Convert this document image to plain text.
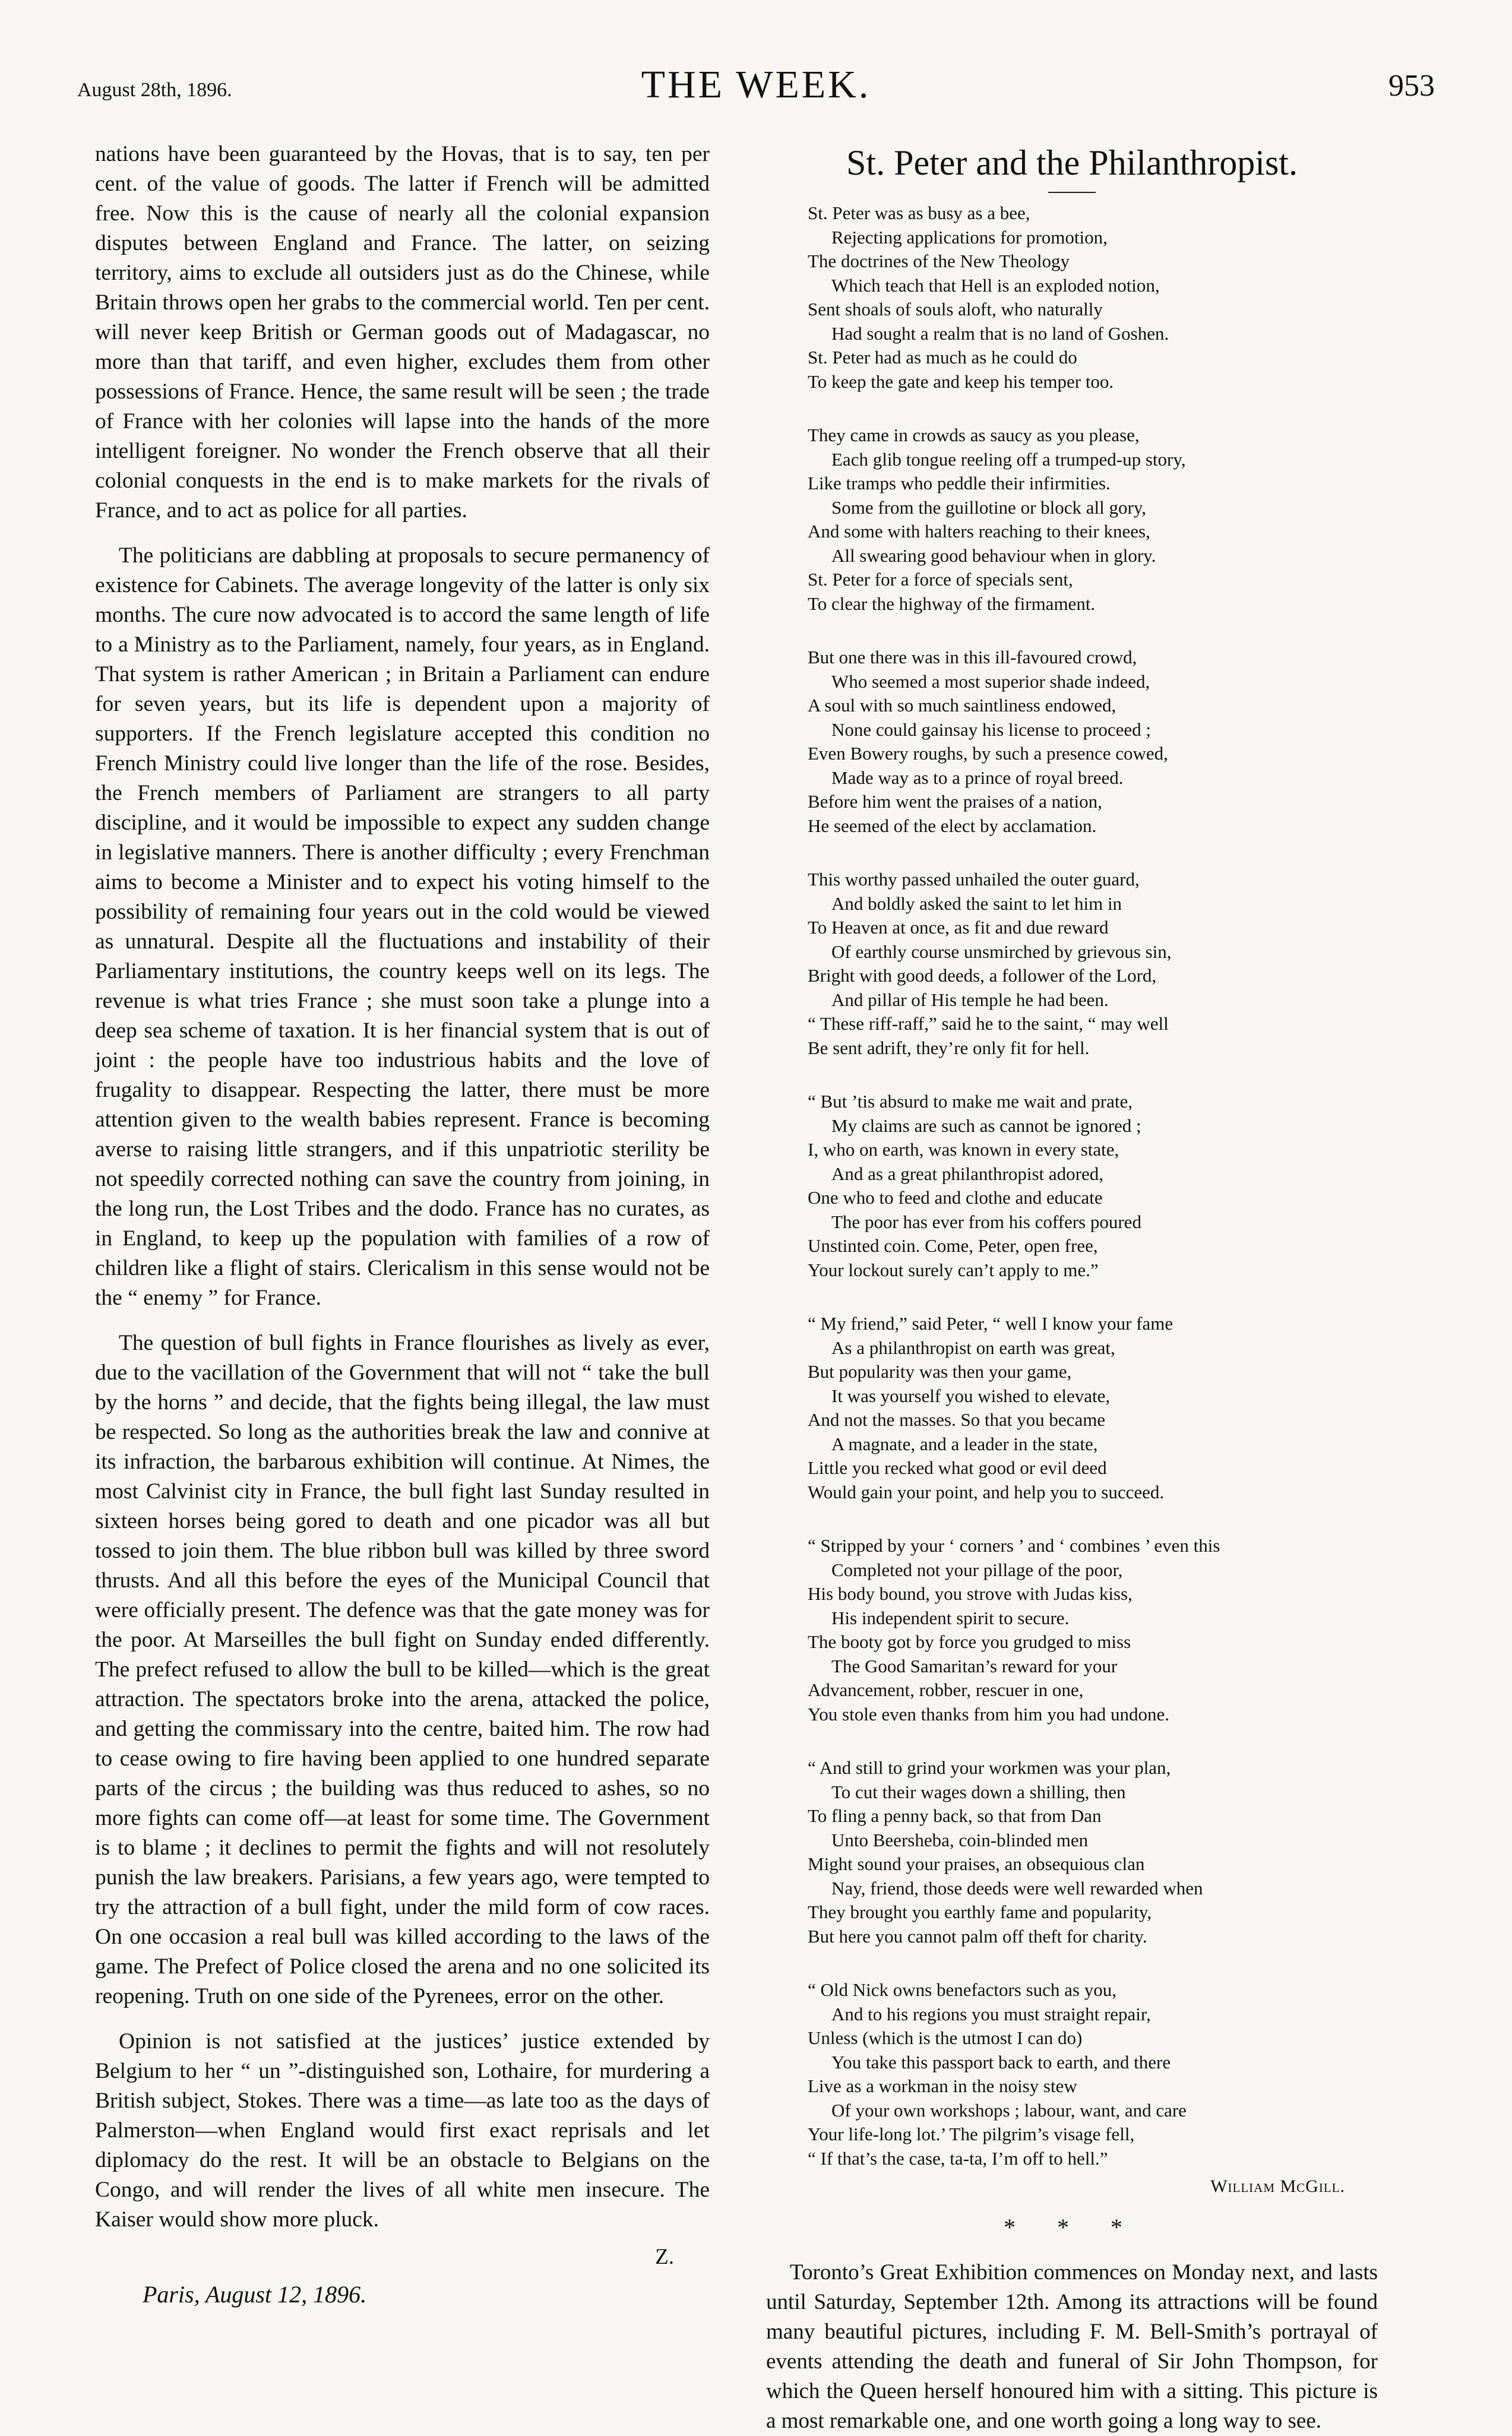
August 28th, 1896.	THE WEEK.	953

nations have been guaranteed by the Hovas, that is to say, ten per cent. of the value of goods. The latter if French will be admitted free. Now this is the cause of nearly all the colonial expansion disputes between England and France. The latter, on seizing territory, aims to exclude all outsiders just as do the Chinese, while Britain throws open her grabs to the commercial world. Ten per cent. will never keep British or German goods out of Madagascar, no more than that tariff, and even higher, excludes them from other possessions of France. Hence, the same result will be seen ; the trade of France with her colonies will lapse into the hands of the more intelligent foreigner. No wonder the French observe that all their colonial conquests in the end is to make markets for the rivals of France, and to act as police for all parties.

The politicians are dabbling at proposals to secure permanency of existence for Cabinets. The average longevity of the latter is only six months. The cure now advocated is to accord the same length of life to a Ministry as to the Parliament, namely, four years, as in England. That system is rather American ; in Britain a Parliament can endure for seven years, but its life is dependent upon a majority of supporters. If the French legislature accepted this condition no French Ministry could live longer than the life of the rose. Besides, the French members of Parliament are strangers to all party discipline, and it would be impossible to expect any sudden change in legislative manners. There is another difficulty ; every Frenchman aims to become a Minister and to expect his voting himself to the possibility of remaining four years out in the cold would be viewed as unnatural. Despite all the fluctuations and instability of their Parliamentary institutions, the country keeps well on its legs. The revenue is what tries France ; she must soon take a plunge into a deep sea scheme of taxation. It is her financial system that is out of joint : the people have too industrious habits and the love of frugality to disappear. Respecting the latter, there must be more attention given to the wealth babies represent. France is becoming averse to raising little strangers, and if this unpatriotic sterility be not speedily corrected nothing can save the country from joining, in the long run, the Lost Tribes and the dodo. France has no curates, as in England, to keep up the population with families of a row of children like a flight of stairs. Clericalism in this sense would not be the “ enemy ” for France.

The question of bull fights in France flourishes as lively as ever, due to the vacillation of the Government that will not “ take the bull by the horns ” and decide, that the fights being illegal, the law must be respected. So long as the authorities break the law and connive at its infraction, the barbarous exhibition will continue. At Nimes, the most Calvinist city in France, the bull fight last Sunday resulted in sixteen horses being gored to death and one picador was all but tossed to join them. The blue ribbon bull was killed by three sword thrusts. And all this before the eyes of the Municipal Council that were officially present. The defence was that the gate money was for the poor. At Marseilles the bull fight on Sunday ended differently. The prefect refused to allow the bull to be killed—which is the great attraction. The spectators broke into the arena, attacked the police, and getting the commissary into the centre, baited him. The row had to cease owing to fire having been applied to one hundred separate parts of the circus ; the building was thus reduced to ashes, so no more fights can come off—at least for some time. The Government is to blame ; it declines to permit the fights and will not resolutely punish the law breakers. Parisians, a few years ago, were tempted to try the attraction of a bull fight, under the mild form of cow races. On one occasion a real bull was killed according to the laws of the game. The Prefect of Police closed the arena and no one solicited its reopening. Truth on one side of the Pyrenees, error on the other.

Opinion is not satisfied at the justices’ justice extended by Belgium to her “ un ”-distinguished son, Lothaire, for murdering a British subject, Stokes. There was a time—as late too as the days of Palmerston—when England would first exact reprisals and let diplomacy do the rest. It will be an obstacle to Belgians on the Congo, and will render the lives of all white men insecure. The Kaiser would show more pluck.

Z.
Paris, August 12, 1896.
St. Peter and the Philanthropist.
St. Peter was as busy as a bee,
Rejecting applications for promotion,
The doctrines of the New Theology
Which teach that Hell is an exploded notion,
Sent shoals of souls aloft, who naturally
Had sought a realm that is no land of Goshen.
St. Peter had as much as he could do
To keep the gate and keep his temper too.
They came in crowds as saucy as you please,
Each glib tongue reeling off a trumped-up story,
Like tramps who peddle their infirmities.
Some from the guillotine or block all gory,
And some with halters reaching to their knees,
All swearing good behaviour when in glory.
St. Peter for a force of specials sent,
To clear the highway of the firmament.
But one there was in this ill-favoured crowd,
Who seemed a most superior shade indeed,
A soul with so much saintliness endowed,
None could gainsay his license to proceed ;
Even Bowery roughs, by such a presence cowed,
Made way as to a prince of royal breed.
Before him went the praises of a nation,
He seemed of the elect by acclamation.
This worthy passed unhailed the outer guard,
And boldly asked the saint to let him in
To Heaven at once, as fit and due reward
Of earthly course unsmirched by grievous sin,
Bright with good deeds, a follower of the Lord,
And pillar of His temple he had been.
“ These riff-raff,” said he to the saint, “ may well
Be sent adrift, they’re only fit for hell.
“ But ’tis absurd to make me wait and prate,
My claims are such as cannot be ignored ;
I, who on earth, was known in every state,
And as a great philanthropist adored,
One who to feed and clothe and educate
The poor has ever from his coffers poured
Unstinted coin. Come, Peter, open free,
Your lockout surely can’t apply to me.”
“ My friend,” said Peter, “ well I know your fame
As a philanthropist on earth was great,
But popularity was then your game,
It was yourself you wished to elevate,
And not the masses. So that you became
A magnate, and a leader in the state,
Little you recked what good or evil deed
Would gain your point, and help you to succeed.
“ Stripped by your ‘ corners ’ and ‘ combines ’ even this
Completed not your pillage of the poor,
His body bound, you strove with Judas kiss,
His independent spirit to secure.
The booty got by force you grudged to miss
The Good Samaritan’s reward for your
Advancement, robber, rescuer in one,
You stole even thanks from him you had undone.
“ And still to grind your workmen was your plan,
To cut their wages down a shilling, then
To fling a penny back, so that from Dan
Unto Beersheba, coin-blinded men
Might sound your praises, an obsequious clan
Nay, friend, those deeds were well rewarded when
They brought you earthly fame and popularity,
But here you cannot palm off theft for charity.
“ Old Nick owns benefactors such as you,
And to his regions you must straight repair,
Unless (which is the utmost I can do)
You take this passport back to earth, and there
Live as a workman in the noisy stew
Of your own workshops ; labour, want, and care
Your life-long lot.’ The pilgrim’s visage fell,
“ If that’s the case, ta-ta, I’m off to hell.”
William McGill.
* * *

Toronto’s Great Exhibition commences on Monday next, and lasts until Saturday, September 12th. Among its attractions will be found many beautiful pictures, including F. M. Bell-Smith’s portrayal of events attending the death and funeral of Sir John Thompson, for which the Queen herself honoured him with a sitting. This picture is a most remarkable one, and one worth going a long way to see.
